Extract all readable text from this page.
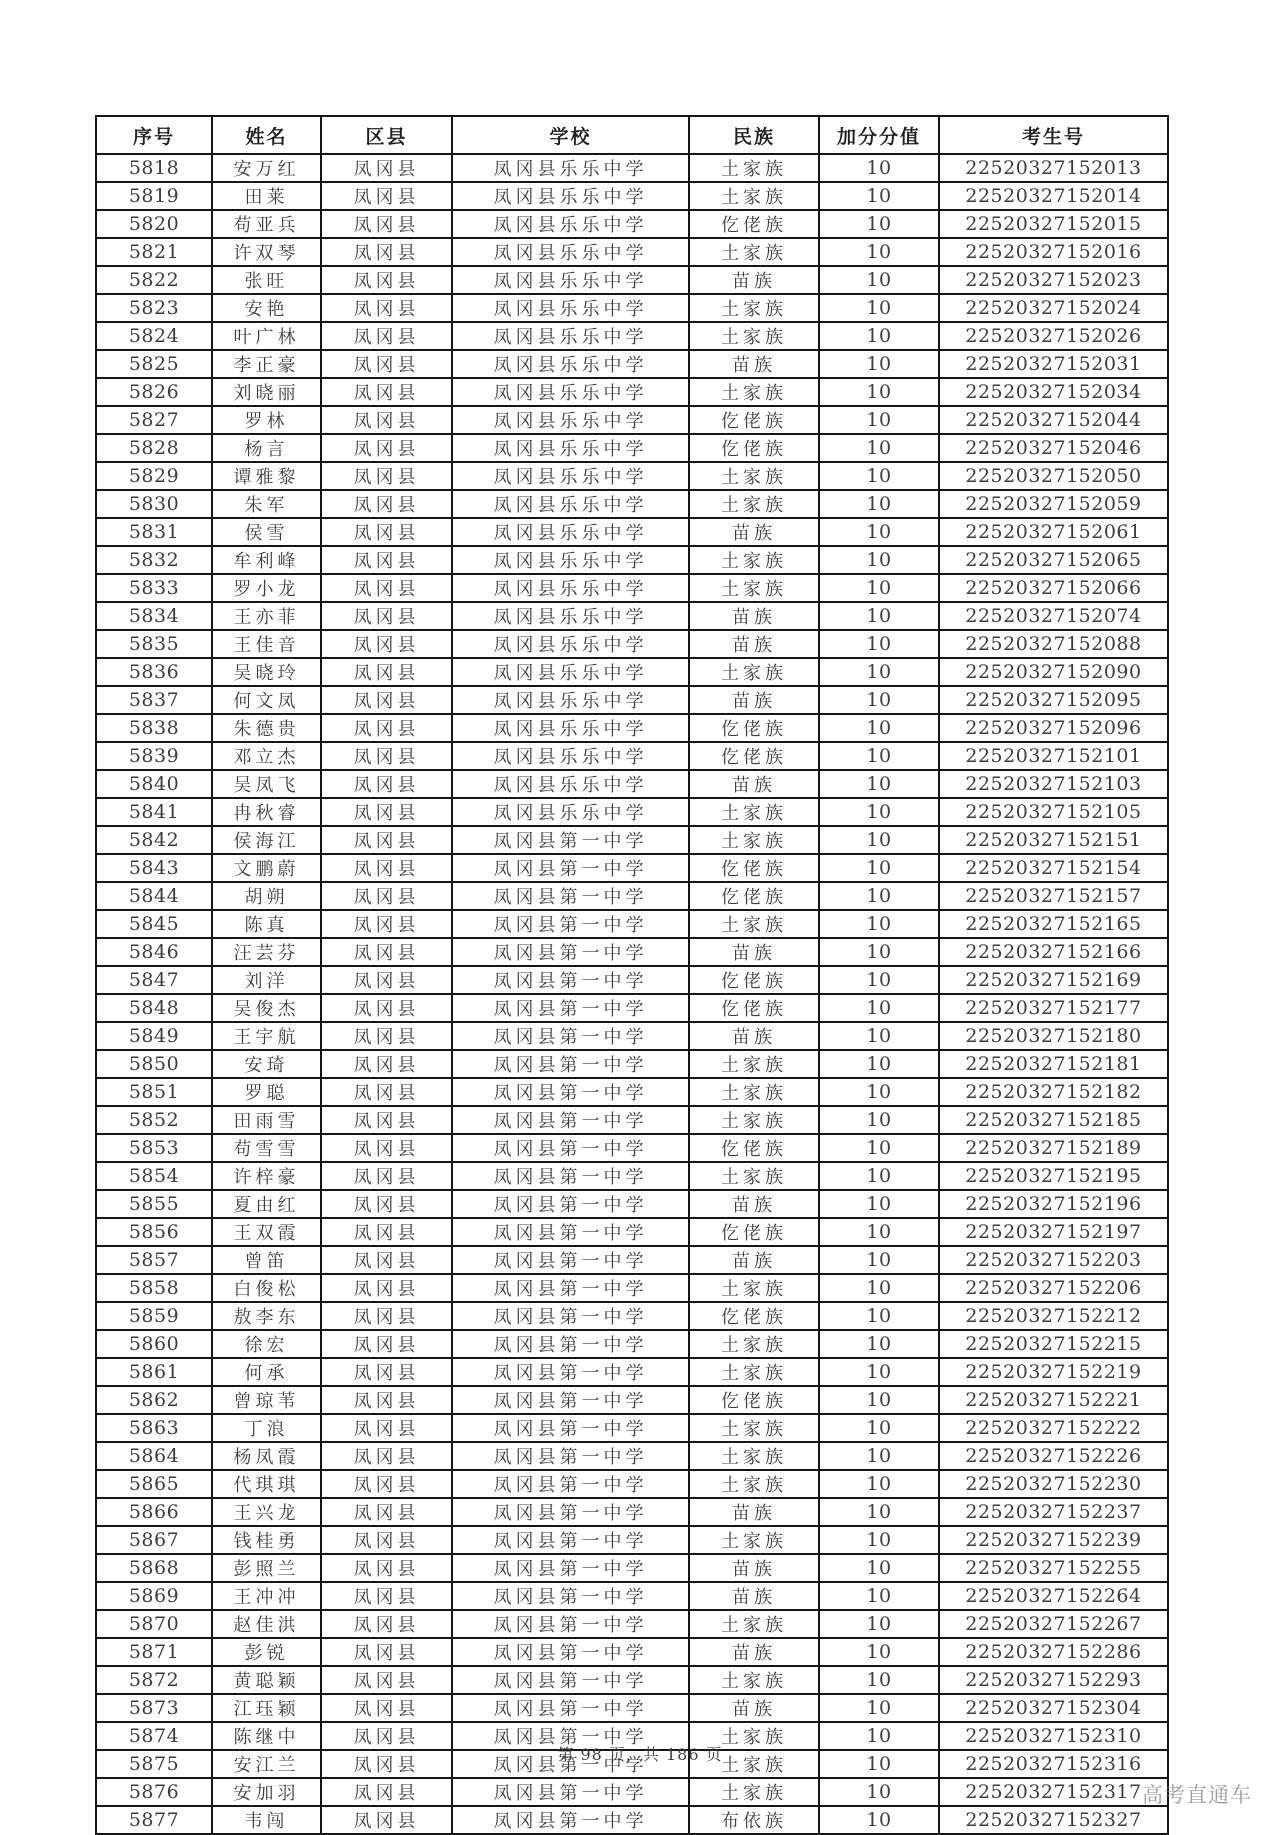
序号	姓名	区县	学校	民族	加分分值	考生号
5818	安万红	凤冈县	凤冈县乐乐中学	土家族	10	22520327152013
5819	田莱	凤冈县	凤冈县乐乐中学	土家族	10	22520327152014
5820	苟亚兵	凤冈县	凤冈县乐乐中学	仡佬族	10	22520327152015
5821	许双琴	凤冈县	凤冈县乐乐中学	土家族	10	22520327152016
5822	张旺	凤冈县	凤冈县乐乐中学	苗族	10	22520327152023
5823	安艳	凤冈县	凤冈县乐乐中学	土家族	10	22520327152024
5824	叶广林	凤冈县	凤冈县乐乐中学	土家族	10	22520327152026
5825	李正豪	凤冈县	凤冈县乐乐中学	苗族	10	22520327152031
5826	刘晓丽	凤冈县	凤冈县乐乐中学	土家族	10	22520327152034
5827	罗林	凤冈县	凤冈县乐乐中学	仡佬族	10	22520327152044
5828	杨言	凤冈县	凤冈县乐乐中学	仡佬族	10	22520327152046
5829	谭雅黎	凤冈县	凤冈县乐乐中学	土家族	10	22520327152050
5830	朱军	凤冈县	凤冈县乐乐中学	土家族	10	22520327152059
5831	侯雪	凤冈县	凤冈县乐乐中学	苗族	10	22520327152061
5832	牟利峰	凤冈县	凤冈县乐乐中学	土家族	10	22520327152065
5833	罗小龙	凤冈县	凤冈县乐乐中学	土家族	10	22520327152066
5834	王亦菲	凤冈县	凤冈县乐乐中学	苗族	10	22520327152074
5835	王佳音	凤冈县	凤冈县乐乐中学	苗族	10	22520327152088
5836	吴晓玲	凤冈县	凤冈县乐乐中学	土家族	10	22520327152090
5837	何文凤	凤冈县	凤冈县乐乐中学	苗族	10	22520327152095
5838	朱德贵	凤冈县	凤冈县乐乐中学	仡佬族	10	22520327152096
5839	邓立杰	凤冈县	凤冈县乐乐中学	仡佬族	10	22520327152101
5840	吴凤飞	凤冈县	凤冈县乐乐中学	苗族	10	22520327152103
5841	冉秋睿	凤冈县	凤冈县乐乐中学	土家族	10	22520327152105
5842	侯海江	凤冈县	凤冈县第一中学	土家族	10	22520327152151
5843	文鹏蔚	凤冈县	凤冈县第一中学	仡佬族	10	22520327152154
5844	胡朔	凤冈县	凤冈县第一中学	仡佬族	10	22520327152157
5845	陈真	凤冈县	凤冈县第一中学	土家族	10	22520327152165
5846	汪芸芬	凤冈县	凤冈县第一中学	苗族	10	22520327152166
5847	刘洋	凤冈县	凤冈县第一中学	仡佬族	10	22520327152169
5848	吴俊杰	凤冈县	凤冈县第一中学	仡佬族	10	22520327152177
5849	王宇航	凤冈县	凤冈县第一中学	苗族	10	22520327152180
5850	安琦	凤冈县	凤冈县第一中学	土家族	10	22520327152181
5851	罗聪	凤冈县	凤冈县第一中学	土家族	10	22520327152182
5852	田雨雪	凤冈县	凤冈县第一中学	土家族	10	22520327152185
5853	苟雪雪	凤冈县	凤冈县第一中学	仡佬族	10	22520327152189
5854	许梓豪	凤冈县	凤冈县第一中学	土家族	10	22520327152195
5855	夏由红	凤冈县	凤冈县第一中学	苗族	10	22520327152196
5856	王双霞	凤冈县	凤冈县第一中学	仡佬族	10	22520327152197
5857	曾笛	凤冈县	凤冈县第一中学	苗族	10	22520327152203
5858	白俊松	凤冈县	凤冈县第一中学	土家族	10	22520327152206
5859	敖李东	凤冈县	凤冈县第一中学	仡佬族	10	22520327152212
5860	徐宏	凤冈县	凤冈县第一中学	土家族	10	22520327152215
5861	何承	凤冈县	凤冈县第一中学	土家族	10	22520327152219
5862	曾琼苇	凤冈县	凤冈县第一中学	仡佬族	10	22520327152221
5863	丁浪	凤冈县	凤冈县第一中学	土家族	10	22520327152222
5864	杨凤霞	凤冈县	凤冈县第一中学	土家族	10	22520327152226
5865	代琪琪	凤冈县	凤冈县第一中学	土家族	10	22520327152230
5866	王兴龙	凤冈县	凤冈县第一中学	苗族	10	22520327152237
5867	钱桂勇	凤冈县	凤冈县第一中学	土家族	10	22520327152239
5868	彭照兰	凤冈县	凤冈县第一中学	苗族	10	22520327152255
5869	王冲冲	凤冈县	凤冈县第一中学	苗族	10	22520327152264
5870	赵佳洪	凤冈县	凤冈县第一中学	土家族	10	22520327152267
5871	彭锐	凤冈县	凤冈县第一中学	苗族	10	22520327152286
5872	黄聪颖	凤冈县	凤冈县第一中学	土家族	10	22520327152293
5873	江珏颖	凤冈县	凤冈县第一中学	苗族	10	22520327152304
5874	陈继中	凤冈县	凤冈县第一中学	土家族	10	22520327152310
5875	安江兰	凤冈县	凤冈县第一中学	土家族	10	22520327152316
5876	安加羽	凤冈县	凤冈县第一中学	土家族	10	22520327152317
5877	韦闯	凤冈县	凤冈县第一中学	布依族	10	22520327152327
第 98 页，共 186 页
高考直通车
